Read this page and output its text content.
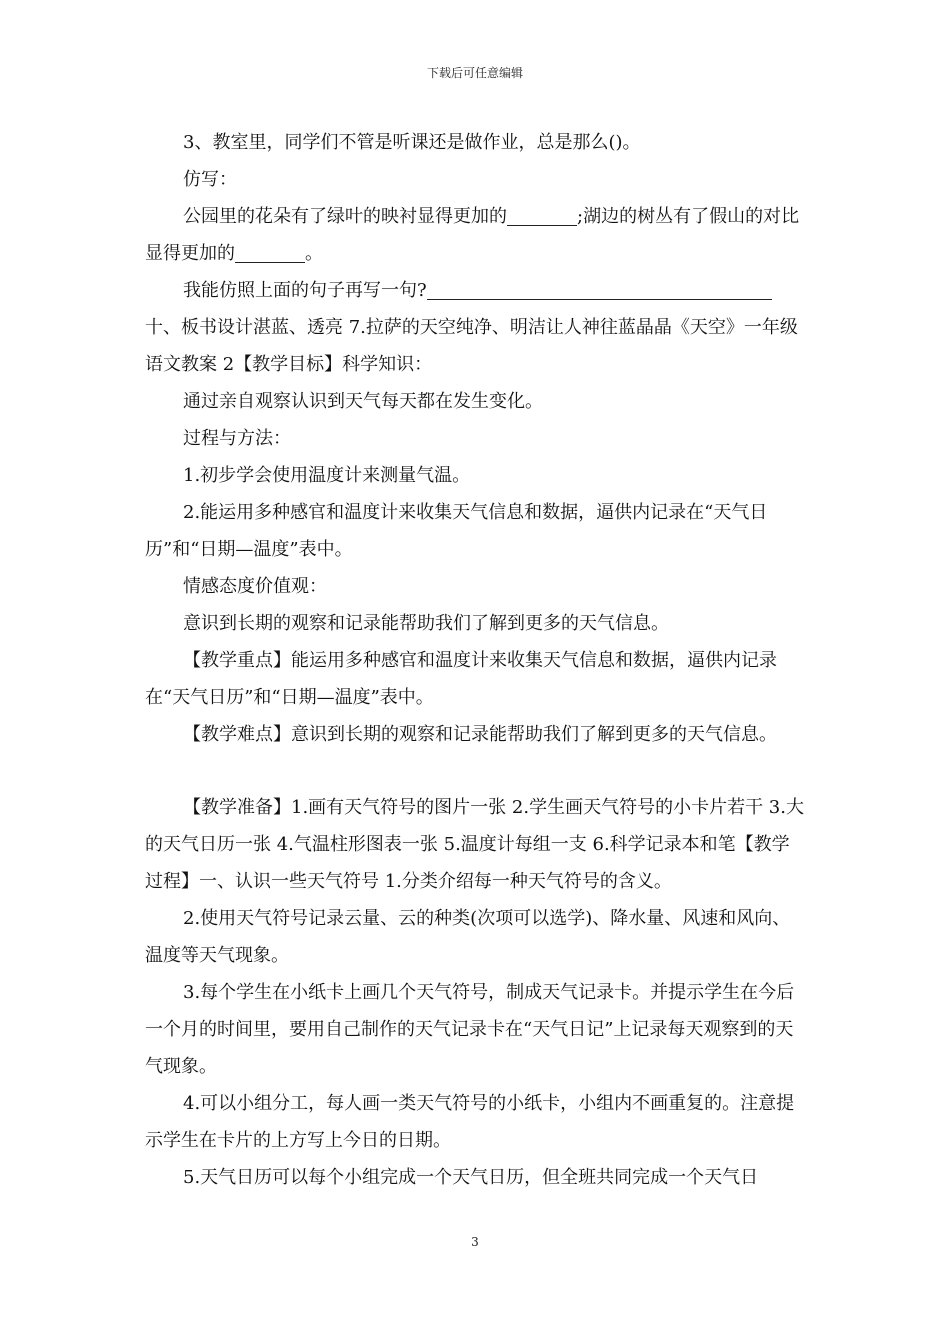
下载后可任意编辑

3、教室里，同学们不管是听课还是做作业，总是那么()。

仿写：

公园里的花朵有了绿叶的映衬显得更加的	;湖边的树丛有了假山的对比显得更加的	。

我能仿照上面的句子再写一句?

十、板书设计湛蓝、透亮 7.拉萨的天空纯净、明洁让人神往蓝晶晶《天空》一年级语文教案 2【教学目标】科学知识：

通过亲自观察认识到天气每天都在发生变化。

过程与方法：

1.初步学会使用温度计来测量气温。

2.能运用多种感官和温度计来收集天气信息和数据，逼供内记录在“天气日历”和“日期—温度”表中。

情感态度价值观：

意识到长期的观察和记录能帮助我们了解到更多的天气信息。

【教学重点】能运用多种感官和温度计来收集天气信息和数据，逼供内记录在“天气日历”和“日期—温度”表中。

【教学难点】意识到长期的观察和记录能帮助我们了解到更多的天气信息。

【教学准备】1.画有天气符号的图片一张 2.学生画天气符号的小卡片若干 3.大的天气日历一张 4.气温柱形图表一张 5.温度计每组一支 6.科学记录本和笔【教学过程】一、认识一些天气符号 1.分类介绍每一种天气符号的含义。

2.使用天气符号记录云量、云的种类(次项可以选学)、降水量、风速和风向、温度等天气现象。

3.每个学生在小纸卡上画几个天气符号，制成天气记录卡。并提示学生在今后一个月的时间里，要用自己制作的天气记录卡在“天气日记”上记录每天观察到的天气现象。

4.可以小组分工，每人画一类天气符号的小纸卡，小组内不画重复的。注意提示学生在卡片的上方写上今日的日期。

5.天气日历可以每个小组完成一个天气日历，但全班共同完成一个天气日

3
